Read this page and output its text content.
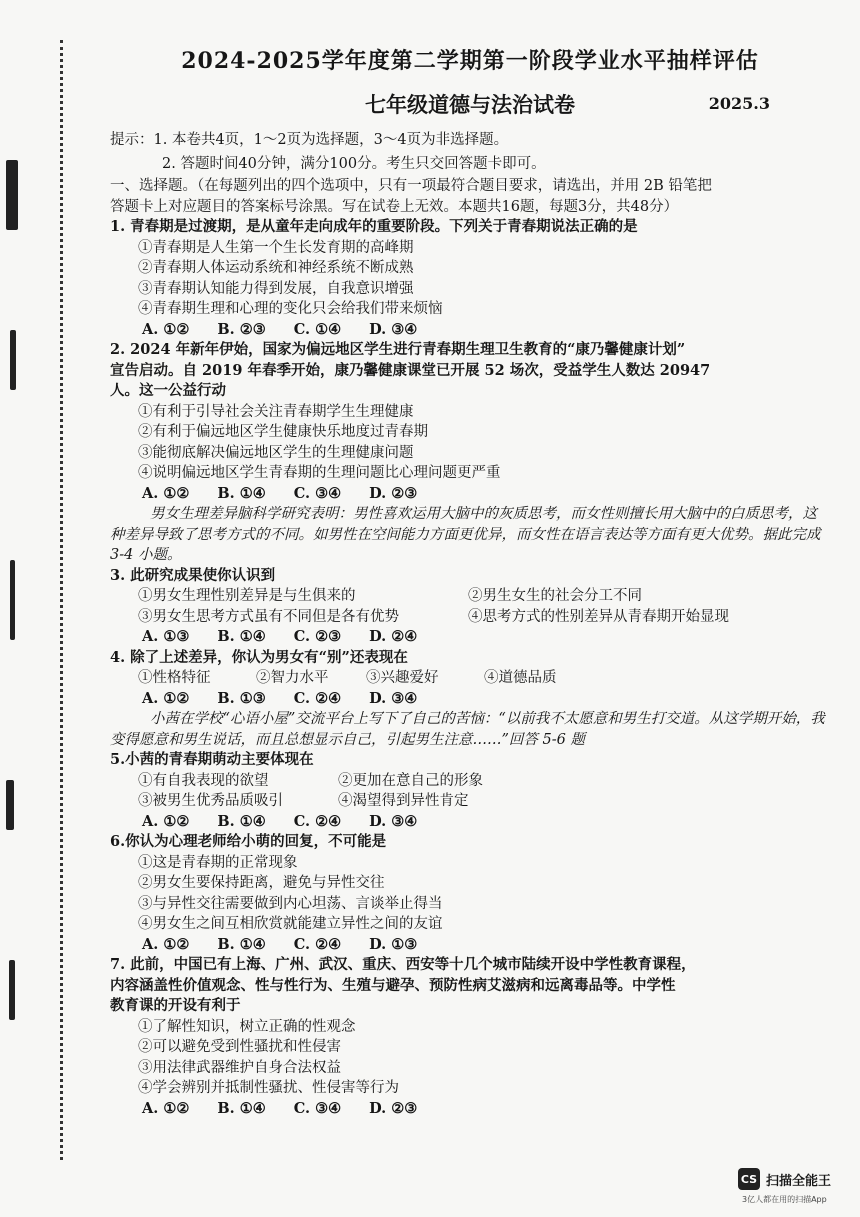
2024-2025学年度第二学期第一阶段学业水平抽样评估
七年级道德与法治试卷	2025.3
提示：1. 本卷共4页，1～2页为选择题，3～4页为非选择题。
2. 答题时间40分钟，满分100分。考生只交回答题卡即可。
一、选择题。（在每题列出的四个选项中，只有一项最符合题目要求，请选出，并用 2B 铅笔把
答题卡上对应题目的答案标号涂黑。写在试卷上无效。本题共16题，每题3分，共48分）
1. 青春期是过渡期，是从童年走向成年的重要阶段。下列关于青春期说法正确的是
①青春期是人生第一个生长发育期的高峰期
②青春期人体运动系统和神经系统不断成熟
③青春期认知能力得到发展，自我意识增强
④青春期生理和心理的变化只会给我们带来烦恼
A. ①② B. ②③ C. ①④ D. ③④
2. 2024 年新年伊始，国家为偏远地区学生进行青春期生理卫生教育的“康乃馨健康计划”
宣告启动。自 2019 年春季开始，康乃馨健康课堂已开展 52 场次，受益学生人数达 20947
人。这一公益行动
①有利于引导社会关注青春期学生生理健康
②有利于偏远地区学生健康快乐地度过青春期
③能彻底解决偏远地区学生的生理健康问题
④说明偏远地区学生青春期的生理问题比心理问题更严重
A. ①② B. ①④ C. ③④ D. ②③
男女生理差异脑科学研究表明：男性喜欢运用大脑中的灰质思考，而女性则擅长用大脑中的白质思考，这种差异导致了思考方式的不同。如男性在空间能力方面更优异，而女性在语言表达等方面有更大优势。据此完成 3-4 小题。
3. 此研究成果使你认识到
①男女生理性别差异是与生俱来的	②男生女生的社会分工不同
③男女生思考方式虽有不同但是各有优势	④思考方式的性别差异从青春期开始显现
A. ①③ B. ①④ C. ②③ D. ②④
4. 除了上述差异，你认为男女有“别”还表现在
①性格特征	②智力水平	③兴趣爱好	④道德品质
A. ①② B. ①③ C. ②④ D. ③④
小茜在学校“心语小屋”交流平台上写下了自己的苦恼：“以前我不太愿意和男生打交道。从这学期开始，我变得愿意和男生说话，而且总想显示自己，引起男生注意……”回答 5-6 题
5.小茜的青春期萌动主要体现在
①有自我表现的欲望	②更加在意自己的形象
③被男生优秀品质吸引	④渴望得到异性肯定
A. ①② B. ①④ C. ②④ D. ③④
6.你认为心理老师给小萌的回复，不可能是
①这是青春期的正常现象
②男女生要保持距离，避免与异性交往
③与异性交往需要做到内心坦荡、言谈举止得当
④男女生之间互相欣赏就能建立异性之间的友谊
A. ①② B. ①④ C. ②④ D. ①③
7. 此前，中国已有上海、广州、武汉、重庆、西安等十几个城市陆续开设中学性教育课程，
内容涵盖性价值观念、性与性行为、生殖与避孕、预防性病艾滋病和远离毒品等。中学性
教育课的开设有利于
①了解性知识，树立正确的性观念
②可以避免受到性骚扰和性侵害
③用法律武器维护自身合法权益
④学会辨别并抵制性骚扰、性侵害等行为
A. ①② B. ①④ C. ③④ D. ②③
CS 扫描全能王
3亿人都在用的扫描App
